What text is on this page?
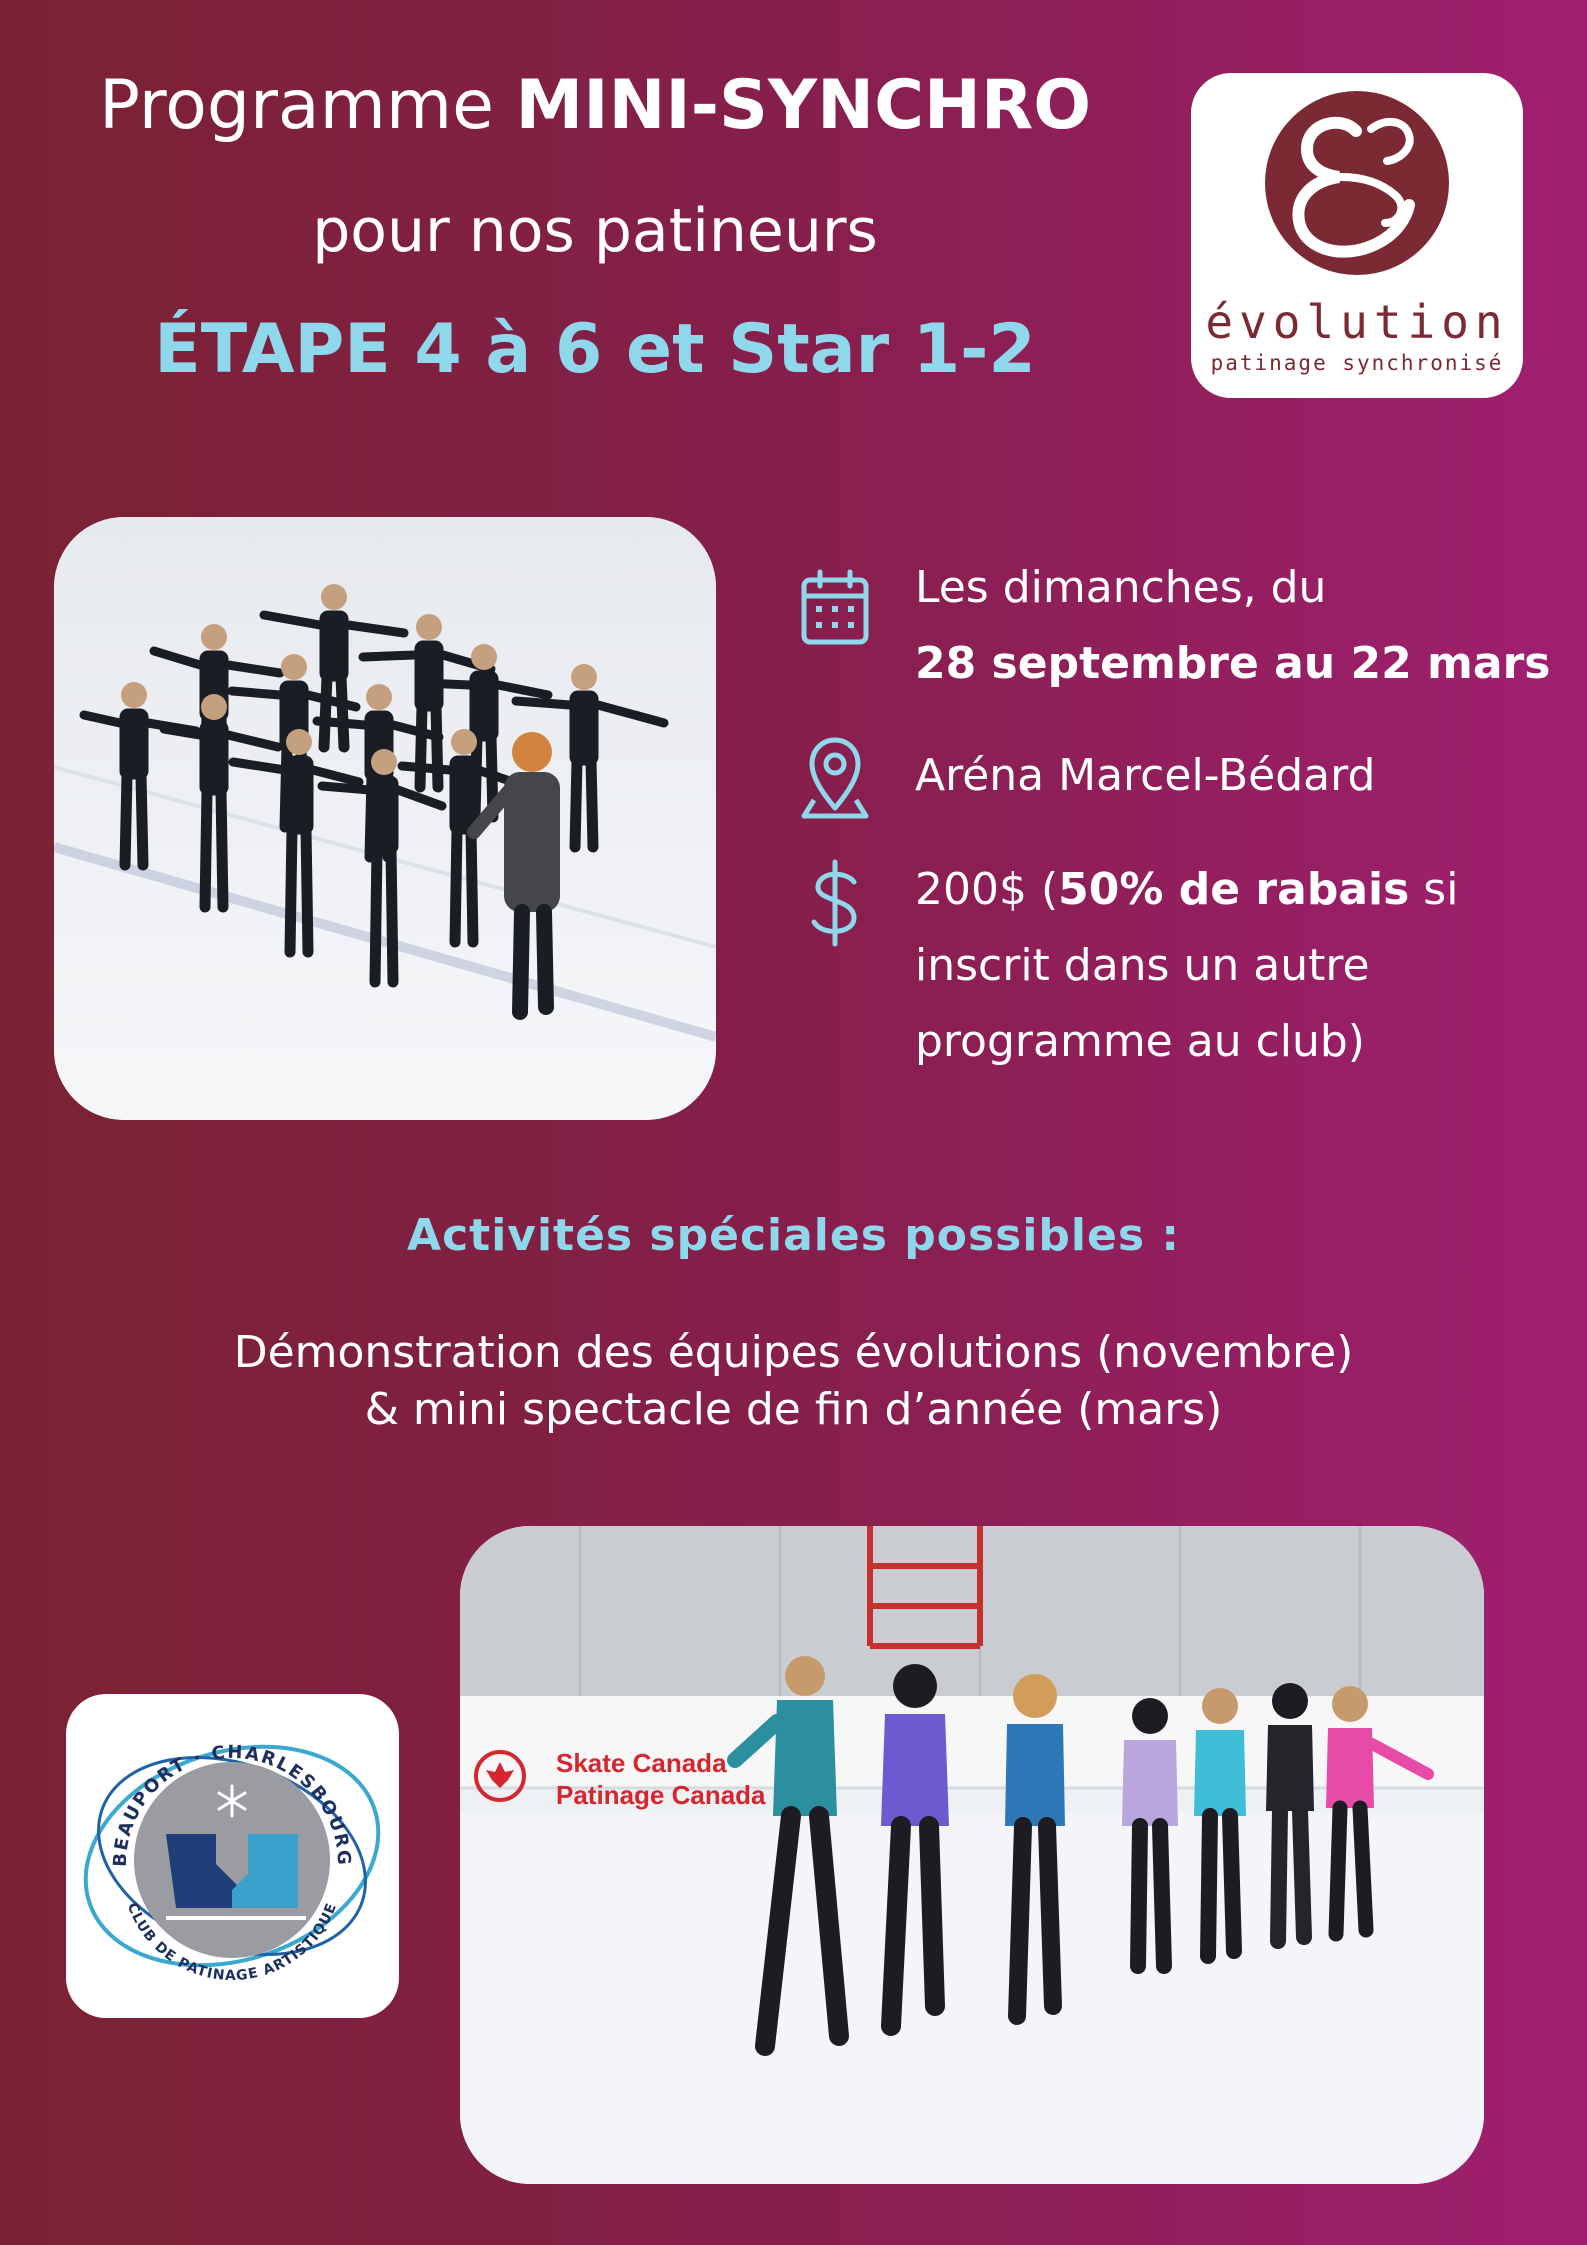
Programme MINI-SYNCHRO
pour nos patineurs
ÉTAPE 4 à 6 et Star 1-2
E
évolution
patinage synchronisé
Les dimanches, du
28 septembre au 22 mars
Aréna Marcel-Bédard
200$ (50% de rabais si
inscrit dans un autre
programme au club)
Activités spéciales possibles :
Démonstration des équipes évolutions (novembre)
& mini spectacle de fin d’année (mars)
BEAUPORT · CHARLESBOURG
CLUB DE PATINAGE ARTISTIQUE
Skate Canada
Patinage Canada
